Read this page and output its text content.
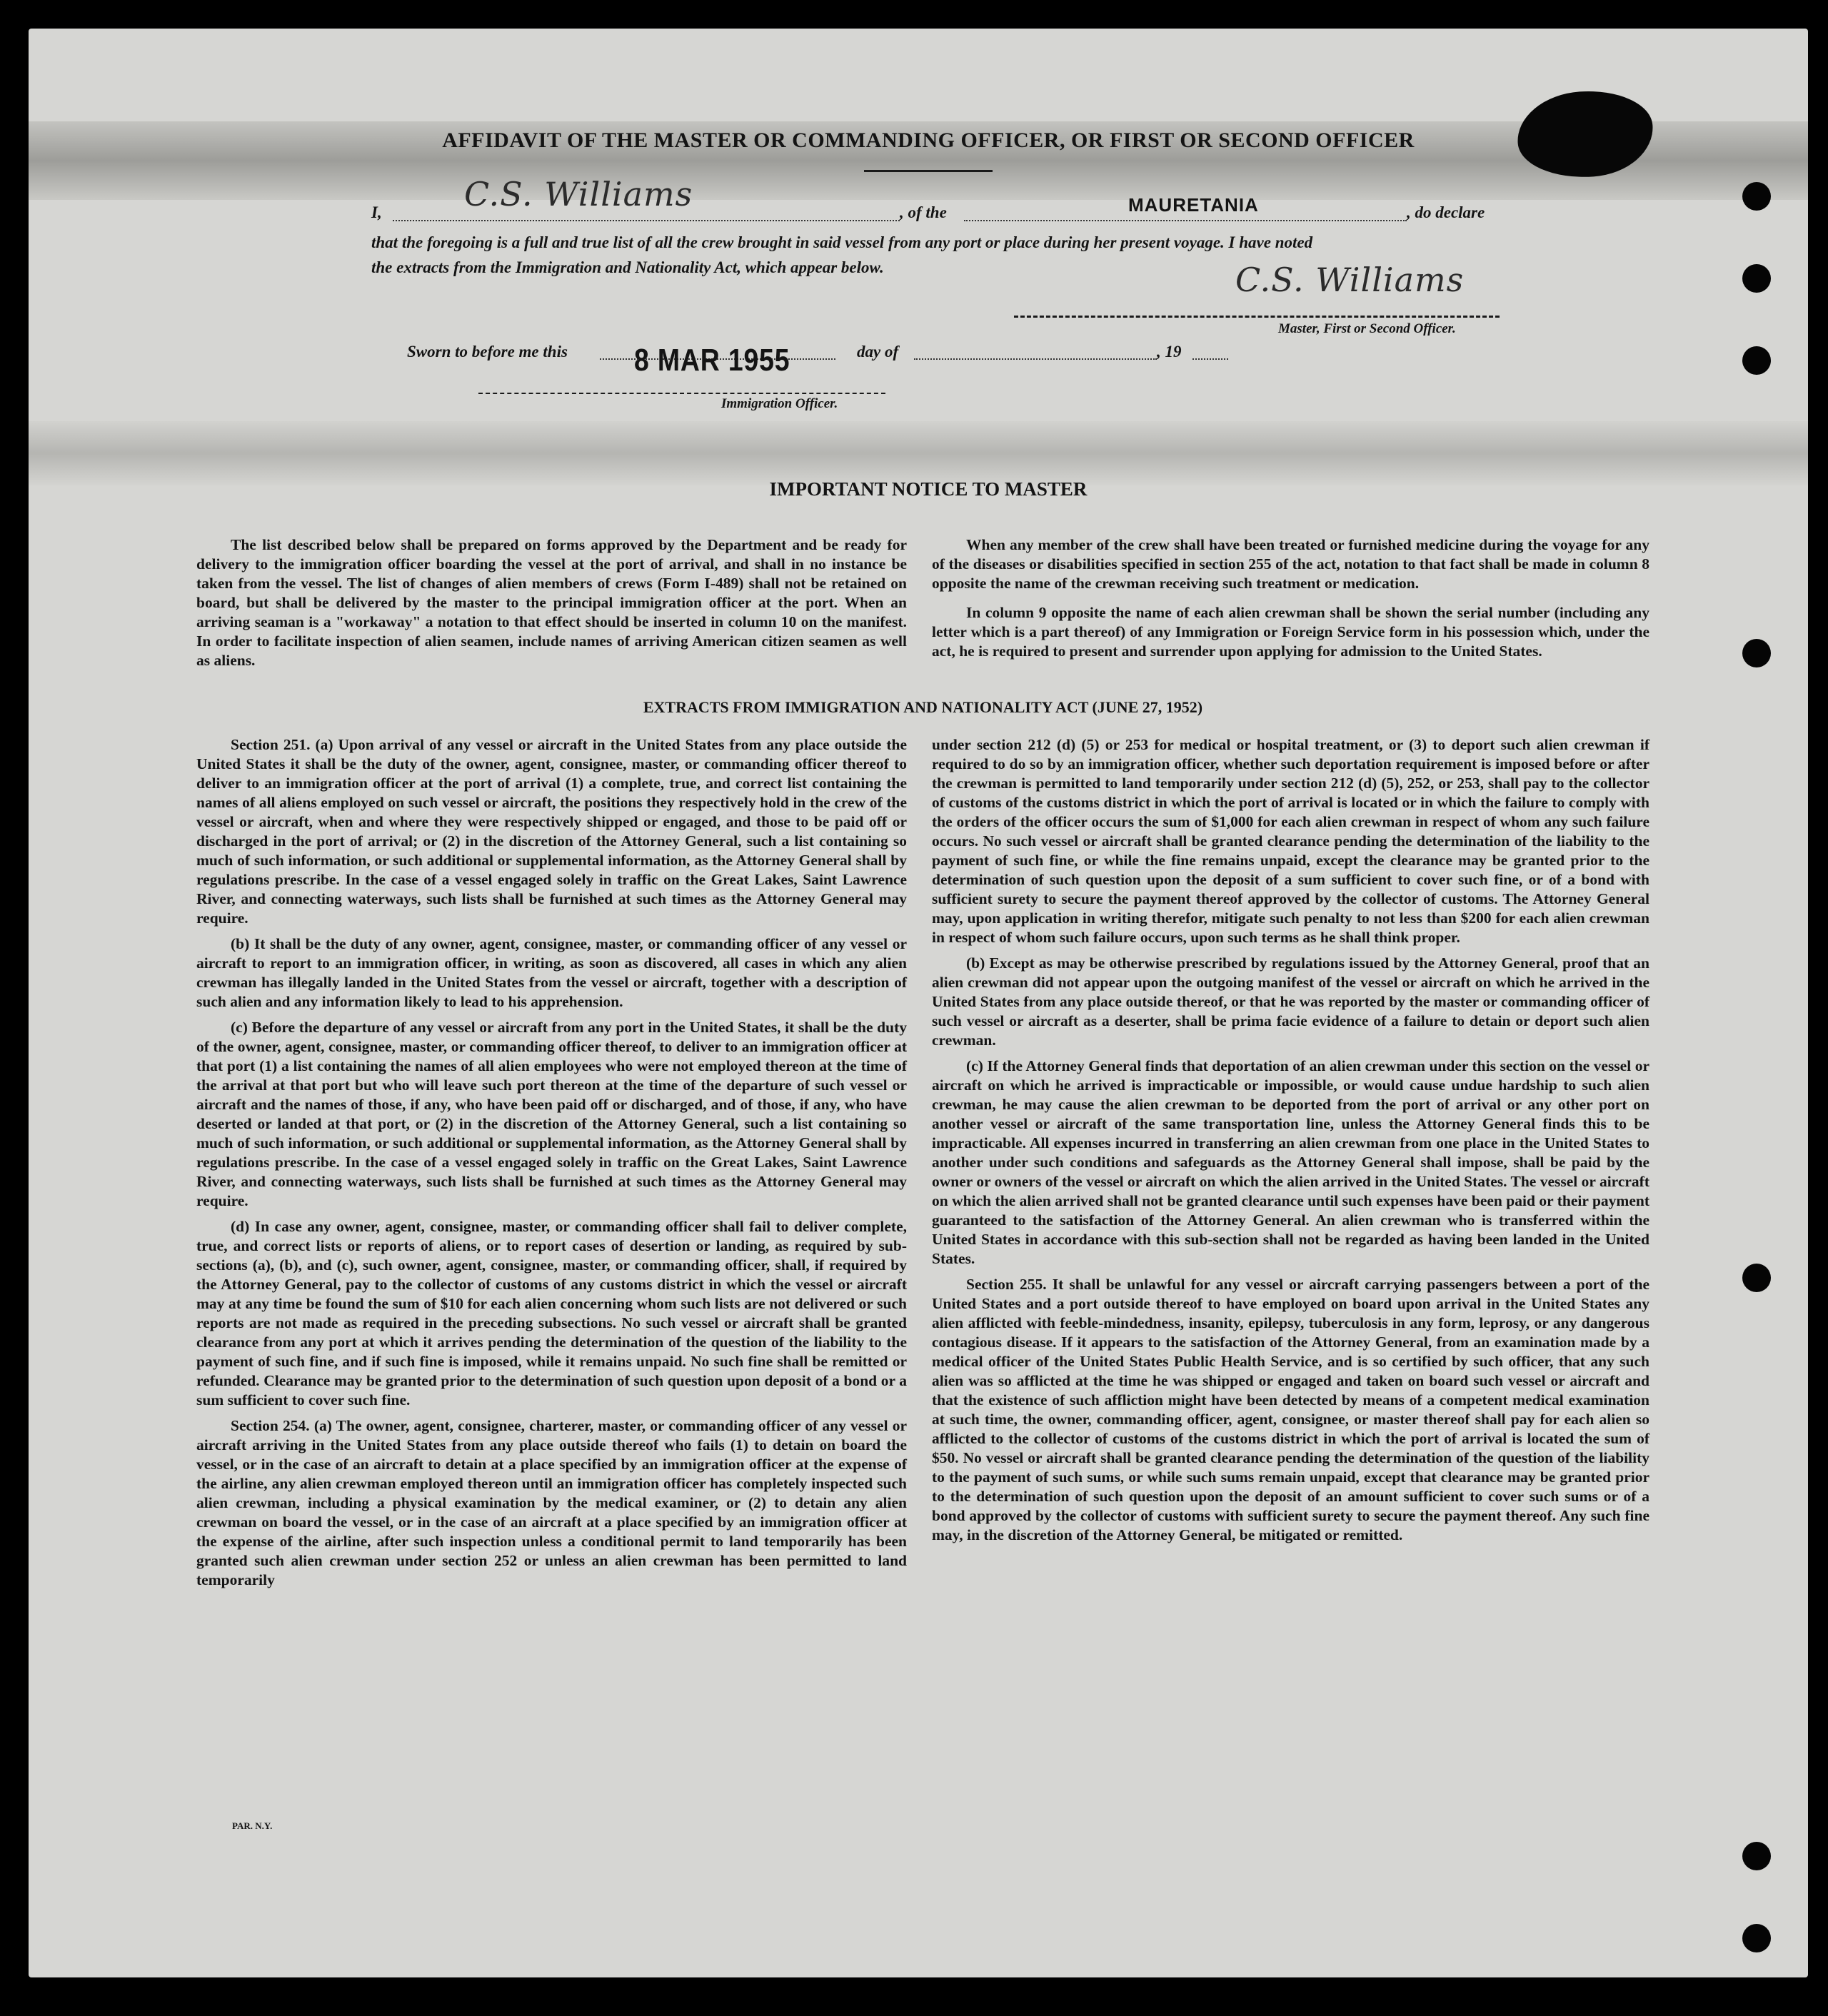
AFFIDAVIT OF THE MASTER OR COMMANDING OFFICER, OR FIRST OR SECOND OFFICER
I,	C.S. Williams	, of the	MAURETANIA	, do declare
that the foregoing is a full and true list of all the crew brought in said vessel from any port or place during her present voyage. I have noted
the extracts from the Immigration and Nationality Act, which appear below.	C.S. Williams
Master, First or Second Officer.
Sworn to before me this 8 MAR 1955	day of	, 19
Immigration Officer.
IMPORTANT NOTICE TO MASTER

The list described below shall be prepared on forms approved by the Department and be ready for delivery to the immigration officer boarding the vessel at the port of arrival, and shall in no instance be taken from the vessel. The list of changes of alien members of crews (Form I-489) shall not be retained on board, but shall be delivered by the master to the principal immigration officer at the port. When an arriving seaman is a "workaway" a notation to that effect should be inserted in column 10 on the manifest. In order to facilitate inspection of alien seamen, include names of arriving American citizen seamen as well as aliens.

When any member of the crew shall have been treated or furnished medicine during the voyage for any of the diseases or disabilities specified in section 255 of the act, notation to that fact shall be made in column 8 opposite the name of the crewman receiving such treatment or medication.

In column 9 opposite the name of each alien crewman shall be shown the serial number (including any letter which is a part thereof) of any Immigration or Foreign Service form in his possession which, under the act, he is required to present and surrender upon applying for admission to the United States.

EXTRACTS FROM IMMIGRATION AND NATIONALITY ACT (JUNE 27, 1952)

Section 251. (a) Upon arrival of any vessel or aircraft in the United States from any place outside the United States it shall be the duty of the owner, agent, consignee, master, or commanding officer thereof to deliver to an immigration officer at the port of arrival (1) a complete, true, and correct list containing the names of all aliens employed on such vessel or aircraft, the positions they respectively hold in the crew of the vessel or aircraft, when and where they were respectively shipped or engaged, and those to be paid off or discharged in the port of arrival; or (2) in the discretion of the Attorney General, such a list containing so much of such information, or such additional or supplemental information, as the Attorney General shall by regulations prescribe. In the case of a vessel engaged solely in traffic on the Great Lakes, Saint Lawrence River, and connecting waterways, such lists shall be furnished at such times as the Attorney General may require.

(b) It shall be the duty of any owner, agent, consignee, master, or commanding officer of any vessel or aircraft to report to an immigration officer, in writing, as soon as discovered, all cases in which any alien crewman has illegally landed in the United States from the vessel or aircraft, together with a description of such alien and any information likely to lead to his apprehension.

(c) Before the departure of any vessel or aircraft from any port in the United States, it shall be the duty of the owner, agent, consignee, master, or commanding officer thereof, to deliver to an immigration officer at that port (1) a list containing the names of all alien employees who were not employed thereon at the time of the arrival at that port but who will leave such port thereon at the time of the departure of such vessel or aircraft and the names of those, if any, who have been paid off or discharged, and of those, if any, who have deserted or landed at that port, or (2) in the discretion of the Attorney General, such a list containing so much of such information, or such additional or supplemental information, as the Attorney General shall by regulations prescribe. In the case of a vessel engaged solely in traffic on the Great Lakes, Saint Lawrence River, and connecting waterways, such lists shall be furnished at such times as the Attorney General may require.

(d) In case any owner, agent, consignee, master, or commanding officer shall fail to deliver complete, true, and correct lists or reports of aliens, or to report cases of desertion or landing, as required by sub-sections (a), (b), and (c), such owner, agent, consignee, master, or commanding officer, shall, if required by the Attorney General, pay to the collector of customs of any customs district in which the vessel or aircraft may at any time be found the sum of $10 for each alien concerning whom such lists are not delivered or such reports are not made as required in the preceding subsections. No such vessel or aircraft shall be granted clearance from any port at which it arrives pending the determination of the question of the liability to the payment of such fine, and if such fine is imposed, while it remains unpaid. No such fine shall be remitted or refunded. Clearance may be granted prior to the determination of such question upon deposit of a bond or a sum sufficient to cover such fine.

Section 254. (a) The owner, agent, consignee, charterer, master, or commanding officer of any vessel or aircraft arriving in the United States from any place outside thereof who fails (1) to detain on board the vessel, or in the case of an aircraft to detain at a place specified by an immigration officer at the expense of the airline, any alien crewman employed thereon until an immigration officer has completely inspected such alien crewman, including a physical examination by the medical examiner, or (2) to detain any alien crewman on board the vessel, or in the case of an aircraft at a place specified by an immigration officer at the expense of the airline, after such inspection unless a conditional permit to land temporarily has been granted such alien crewman under section 252 or unless an alien crewman has been permitted to land temporarily

under section 212 (d) (5) or 253 for medical or hospital treatment, or (3) to deport such alien crewman if required to do so by an immigration officer, whether such deportation requirement is imposed before or after the crewman is permitted to land temporarily under section 212 (d) (5), 252, or 253, shall pay to the collector of customs of the customs district in which the port of arrival is located or in which the failure to comply with the orders of the officer occurs the sum of $1,000 for each alien crewman in respect of whom any such failure occurs. No such vessel or aircraft shall be granted clearance pending the determination of the liability to the payment of such fine, or while the fine remains unpaid, except the clearance may be granted prior to the determination of such question upon the deposit of a sum sufficient to cover such fine, or of a bond with sufficient surety to secure the payment thereof approved by the collector of customs. The Attorney General may, upon application in writing therefor, mitigate such penalty to not less than $200 for each alien crewman in respect of whom such failure occurs, upon such terms as he shall think proper.

(b) Except as may be otherwise prescribed by regulations issued by the Attorney General, proof that an alien crewman did not appear upon the outgoing manifest of the vessel or aircraft on which he arrived in the United States from any place outside thereof, or that he was reported by the master or commanding officer of such vessel or aircraft as a deserter, shall be prima facie evidence of a failure to detain or deport such alien crewman.

(c) If the Attorney General finds that deportation of an alien crewman under this section on the vessel or aircraft on which he arrived is impracticable or impossible, or would cause undue hardship to such alien crewman, he may cause the alien crewman to be deported from the port of arrival or any other port on another vessel or aircraft of the same transportation line, unless the Attorney General finds this to be impracticable. All expenses incurred in transferring an alien crewman from one place in the United States to another under such conditions and safeguards as the Attorney General shall impose, shall be paid by the owner or owners of the vessel or aircraft on which the alien arrived in the United States. The vessel or aircraft on which the alien arrived shall not be granted clearance until such expenses have been paid or their payment guaranteed to the satisfaction of the Attorney General. An alien crewman who is transferred within the United States in accordance with this sub-section shall not be regarded as having been landed in the United States.

Section 255. It shall be unlawful for any vessel or aircraft carrying passengers between a port of the United States and a port outside thereof to have employed on board upon arrival in the United States any alien afflicted with feeble-mindedness, insanity, epilepsy, tuberculosis in any form, leprosy, or any dangerous contagious disease. If it appears to the satisfaction of the Attorney General, from an examination made by a medical officer of the United States Public Health Service, and is so certified by such officer, that any such alien was so afflicted at the time he was shipped or engaged and taken on board such vessel or aircraft and that the existence of such affliction might have been detected by means of a competent medical examination at such time, the owner, commanding officer, agent, consignee, or master thereof shall pay for each alien so afflicted to the collector of customs of the customs district in which the port of arrival is located the sum of $50. No vessel or aircraft shall be granted clearance pending the determination of the question of the liability to the payment of such sums, or while such sums remain unpaid, except that clearance may be granted prior to the determination of such question upon the deposit of an amount sufficient to cover such sums or of a bond approved by the collector of customs with sufficient surety to secure the payment thereof. Any such fine may, in the discretion of the Attorney General, be mitigated or remitted.

PAR. N.Y.
